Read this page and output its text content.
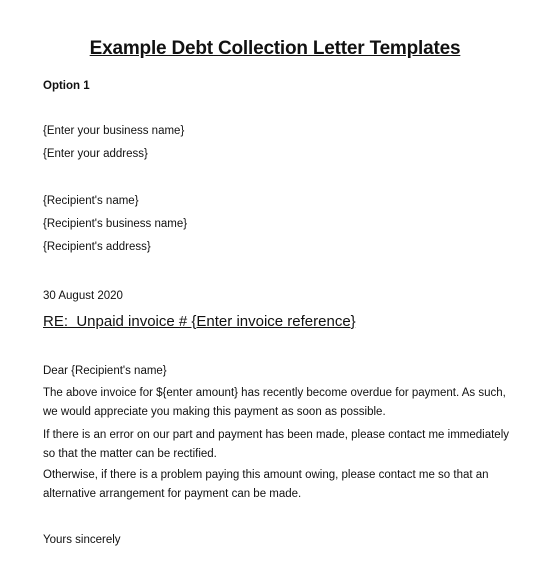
Example Debt Collection Letter Templates
Option 1
{Enter your business name}
{Enter your address}
{Recipient's name}
{Recipient's business name}
{Recipient's address}
30 August 2020
RE:  Unpaid invoice # {Enter invoice reference}
Dear {Recipient's name}
The above invoice for ${enter amount} has recently become overdue for payment. As such, we would appreciate you making this payment as soon as possible.
If there is an error on our part and payment has been made, please contact me immediately so that the matter can be rectified.
Otherwise, if there is a problem paying this amount owing, please contact me so that an alternative arrangement for payment can be made.
Yours sincerely
